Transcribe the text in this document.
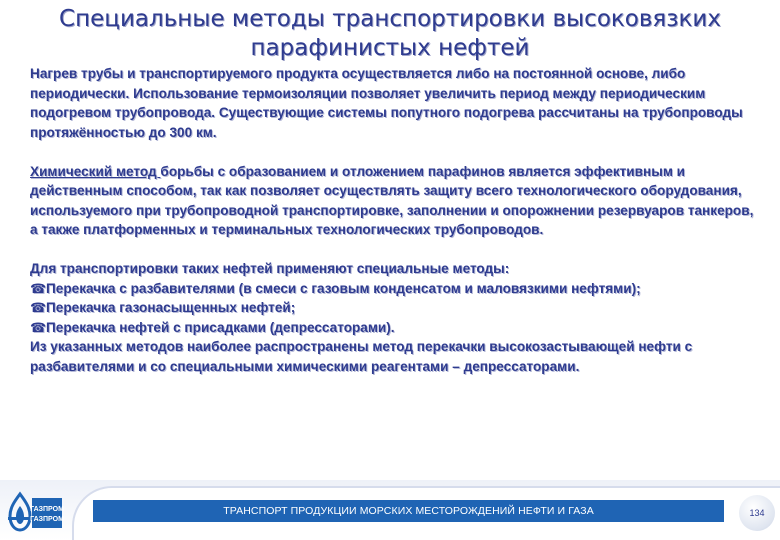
Специальные методы транспортировки высоковязких
парафинистых нефтей

Нагрев трубы и транспортируемого продукта осуществляется либо на постоянной основе, либо периодически. Использование термоизоляции позволяет увеличить период между периодическим подогревом трубопровода. Существующие системы попутного подогрева рассчитаны на трубопроводы протяжённостью до 300 км.

Химический метод борьбы с образованием и отложением парафинов является эффективным и действенным способом, так как позволяет осуществлять защиту всего технологического оборудования, используемого при трубопроводной транспортировке, заполнении и опорожнении резервуаров танкеров, а также платформенных и терминальных технологических трубопроводов.

Для транспортировки таких нефтей применяют специальные методы:

☎Перекачка с разбавителями (в смеси с газовым конденсатом и маловязкими нефтями);

☎Перекачка газонасыщенных нефтей;

☎Перекачка нефтей с присадками (депрессаторами).

Из указанных методов наиболее распространены метод перекачки высокозастывающей нефти с разбавителями и со специальными химическими реагентами – депрессаторами.

ГАЗПРОМ
ГАЗПРОМ
ТРАНСПОРТ ПРОДУКЦИИ МОРСКИХ МЕСТОРОЖДЕНИЙ НЕФТИ И ГАЗА	134
